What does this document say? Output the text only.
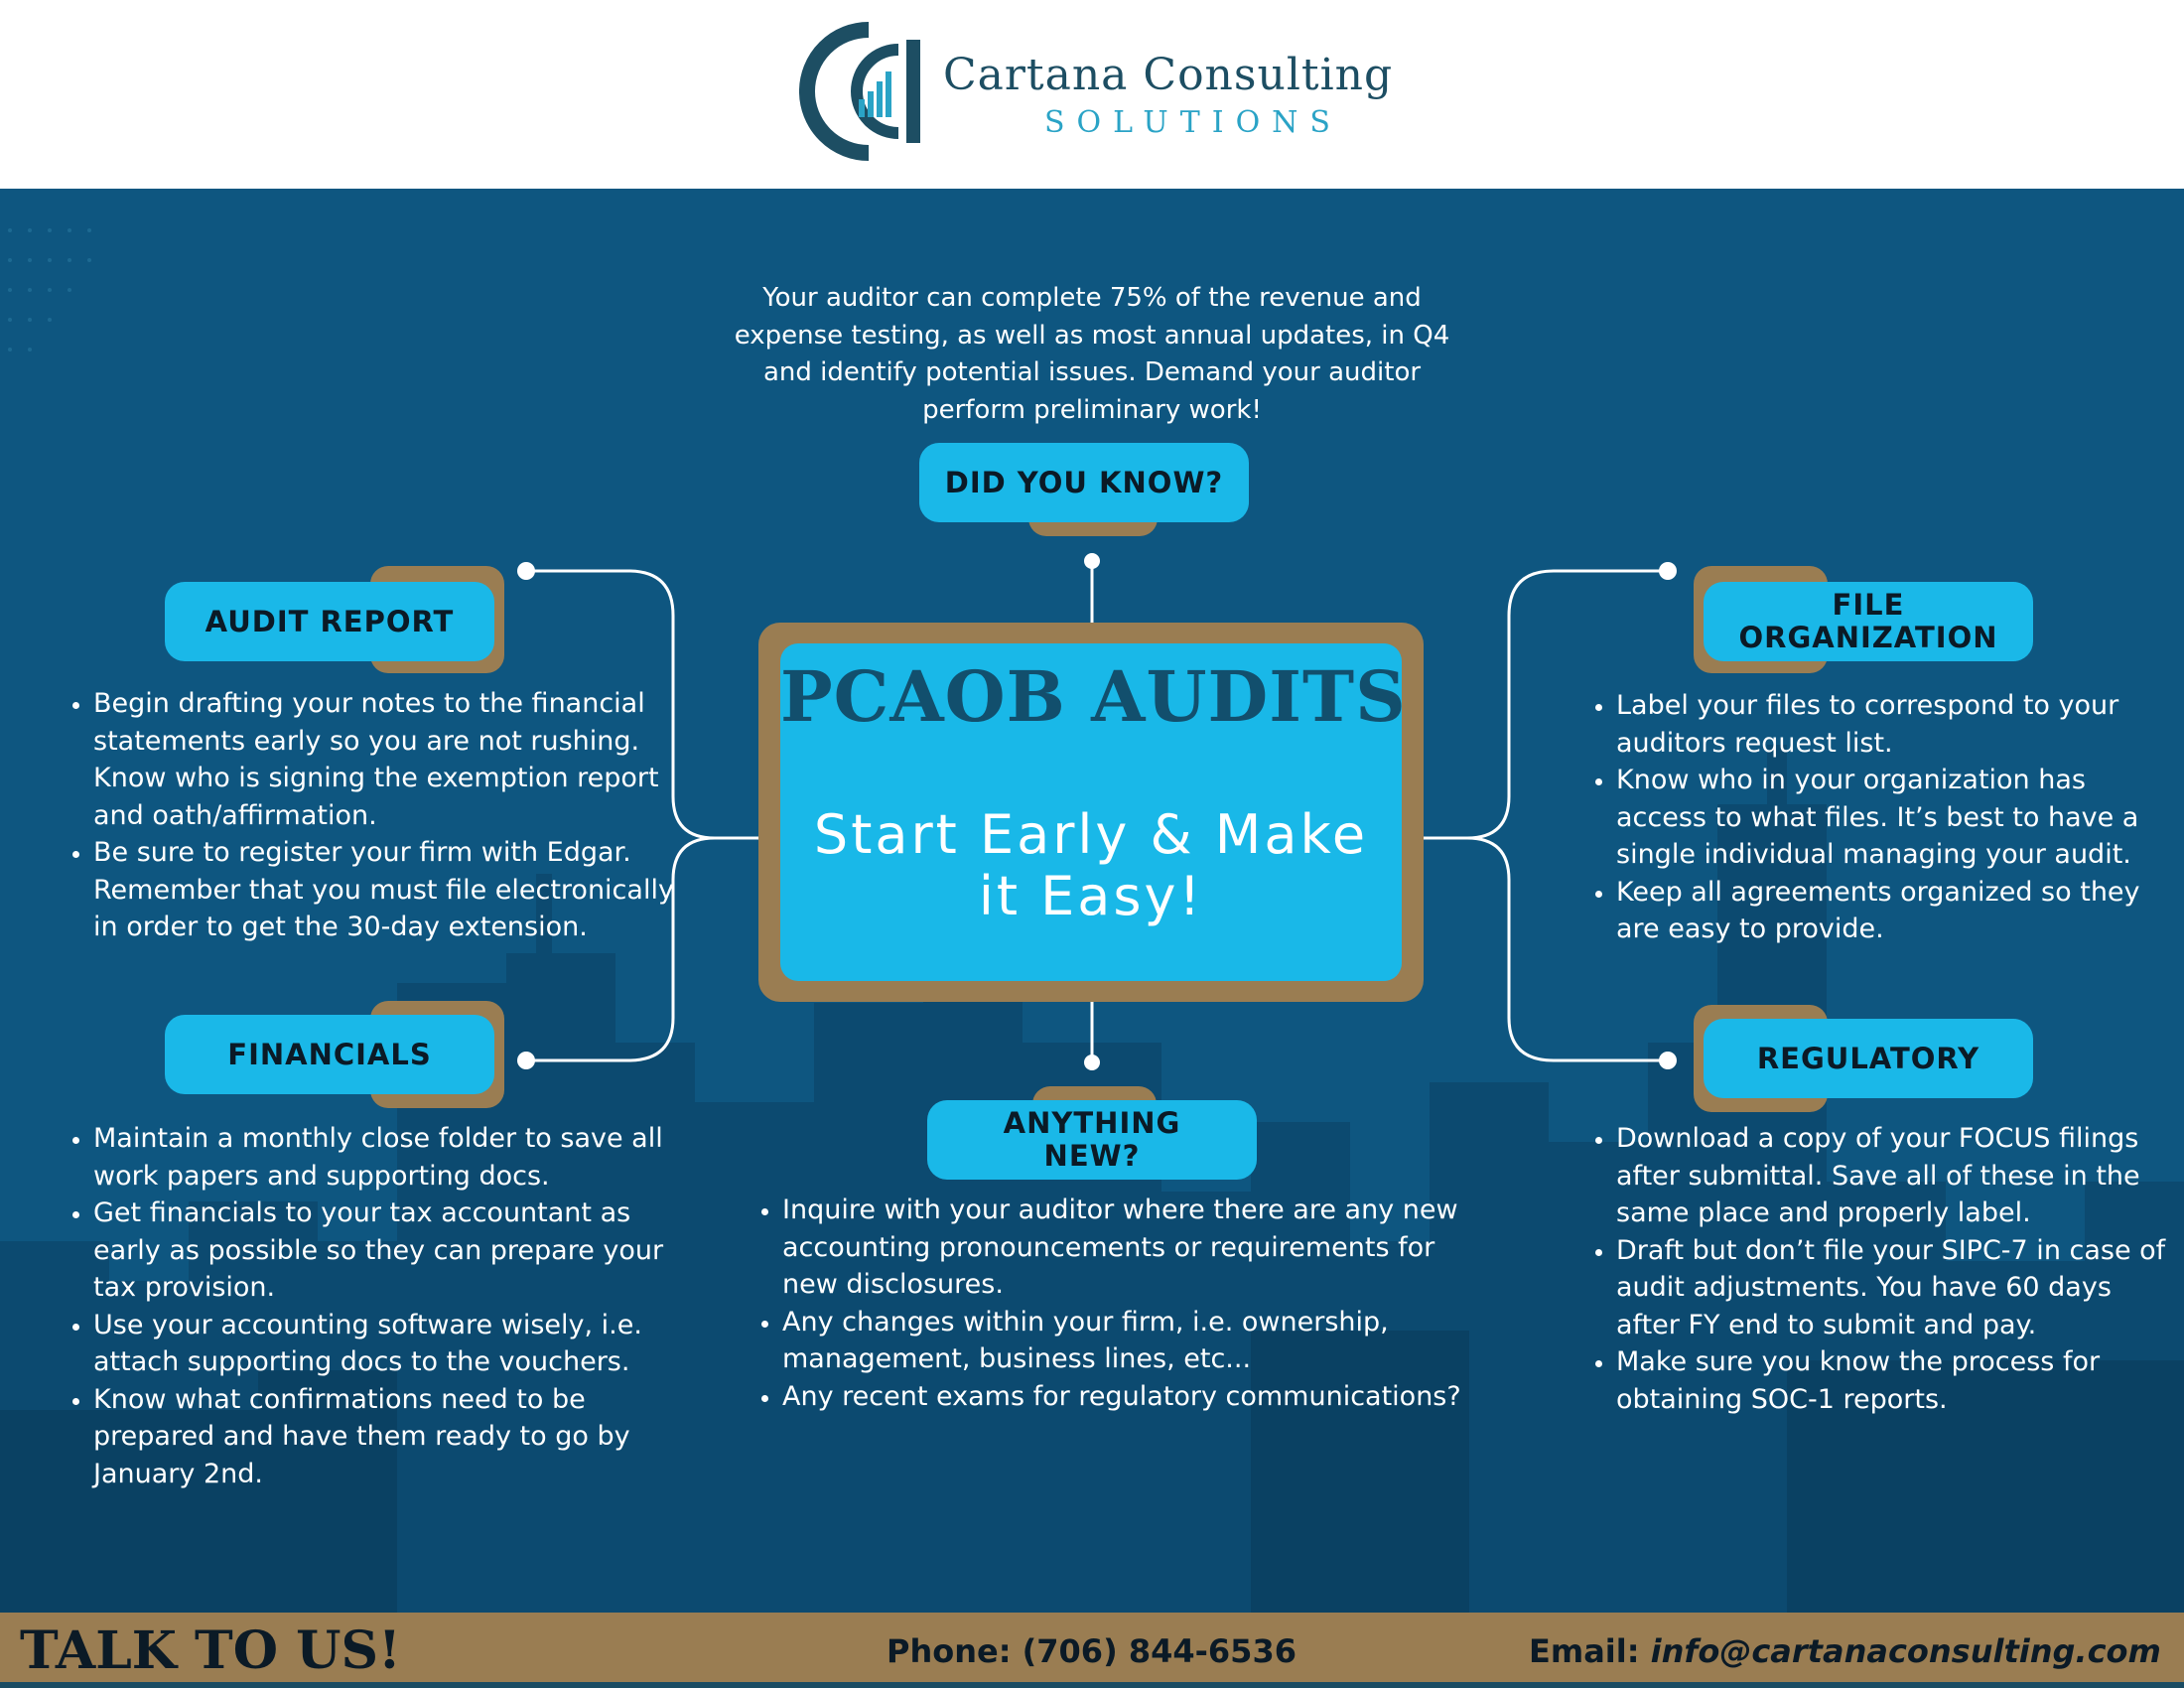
Cartana Consulting
SOLUTIONS
Your auditor can complete 75% of the revenue and expense testing, as well as most annual updates, in Q4 and identify potential issues. Demand your auditor perform preliminary work!
DID YOU KNOW?
AUDIT REPORT
FINANCIALS
FILE
ORGANIZATION
REGULATORY
ANYTHING
NEW?
PCAOB AUDITS
Start Early & Make it Easy!
• Begin drafting your notes to the financial statements early so you are not rushing. Know who is signing the exemption report and oath/affirmation.
• Be sure to register your firm with Edgar. Remember that you must file electronically in order to get the 30-day extension.
• Maintain a monthly close folder to save all work papers and supporting docs.
• Get financials to your tax accountant as early as possible so they can prepare your tax provision.
• Use your accounting software wisely, i.e. attach supporting docs to the vouchers.
• Know what confirmations need to be prepared and have them ready to go by January 2nd.
• Inquire with your auditor where there are any new accounting pronouncements or requirements for new disclosures.
• Any changes within your firm, i.e. ownership, management, business lines, etc...
• Any recent exams for regulatory communications?
• Label your files to correspond to your auditors request list.
• Know who in your organization has access to what files. It’s best to have a single individual managing your audit.
• Keep all agreements organized so they are easy to provide.
• Download a copy of your FOCUS filings after submittal. Save all of these in the same place and properly label.
• Draft but don’t file your SIPC-7 in case of audit adjustments. You have 60 days after FY end to submit and pay.
• Make sure you know the process for obtaining SOC-1 reports.
TALK TO US!	Phone: (706) 844-6536	Email: info@cartanaconsulting.com
